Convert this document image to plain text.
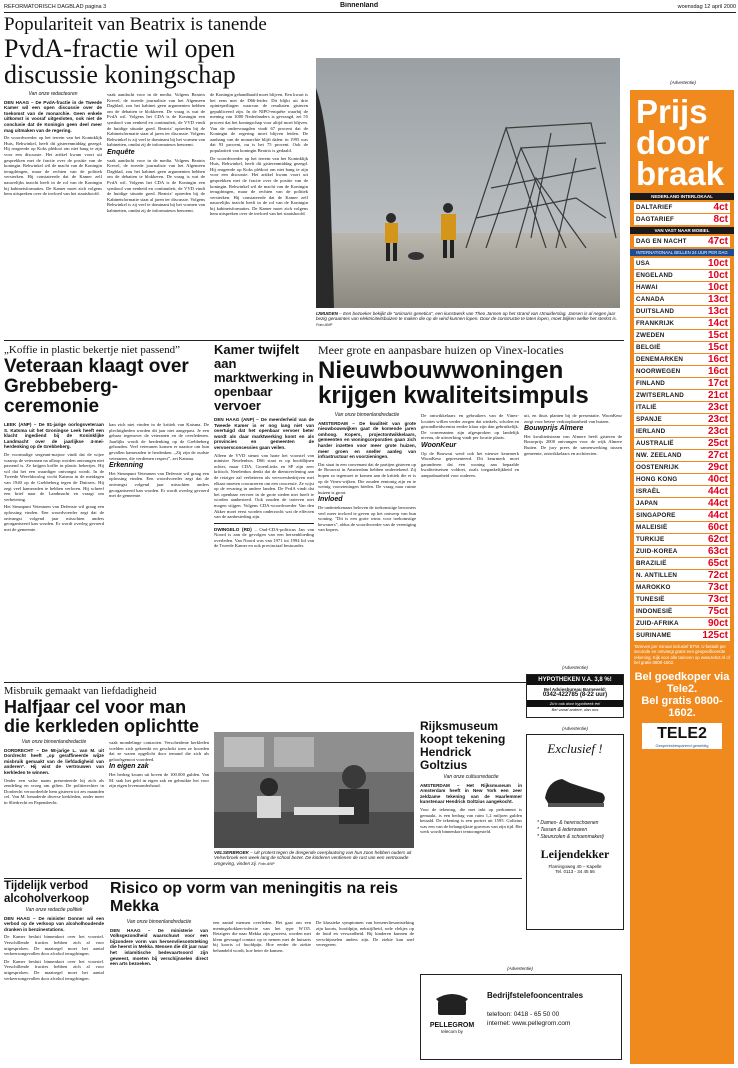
REFORMATORISCH DAGBLAD pagina 3	Binnenland	woensdag 12 april 2000
Populariteit van Beatrix is tanende
PvdA-fractie wil open discussie koningschap
Van onze redacteuren

DEN HAAG – De PvdA-fractie in de Tweede Kamer wil een open discussie over de toekomst van de monarchie. Geen enkele uitkomst is vooraf uitgesloten, ook niet de conclusie dat de Koningin geen deel meer mag uitmaken van de regering.

De woordvoerder op het terrein van het Koninklijk Huis, Rehwinkel, heeft dit gisterenmiddag gezegd. Hij reageerde op Koks plédooi om niet bang te zijn voor een discussie. Het artikel kwam voort uit gesprekken met de fractie over de positie van de koningin. Rehwinkel wil de macht van de Koningin terugdringen, maar de rechten van de politiek versterken. Hij constateerde dat de Kamer zelf nauwelijks inzicht heeft in de rol van de Koningin bij kabinetsformaties. De Kamer moet zich volgens hem uitspreken over de invloed van het staatshoofd.

vaak aandacht voor in de media. Volgens Beatrix Krevel, de tweede journaliste van het Algemeen Dagblad, zou het kabinet geen argumenten hebben om de debatten te blokkeren. De vraag is wat de PvdA wil. Volgens het CDA is de Koningin een symbool van eenheid en continuïteit, de VVD vindt de huidige situatie goed. Beatrix' optreden bij de Kabinetsformatie staat al jaren ter discussie. Volgens Rehwinkel is zij veel te dominant bij het vormen van kabinetten, omdat zij de informateurs benoemt.

Enquête

vaak aandacht voor in de media. Volgens Beatrix Krevel, de tweede journaliste van het Algemeen Dagblad, zou het kabinet geen argumenten hebben om de debatten te blokkeren. De vraag is wat de PvdA wil. Volgens het CDA is de Koningin een symbool van eenheid en continuïteit, de VVD vindt de huidige situatie goed. Beatrix' optreden bij de Kabinetsformatie staat al jaren ter discussie. Volgens Rehwinkel is zij veel te dominant bij het vormen van kabinetten, omdat zij de informateurs benoemt.

de Koningin gehandhaafd moet blijven. Een kwart is het eens met de D66-leider. Dit blijkt uit drie opiniepeilingen waarvan de resultaten gisteren gepubliceerd zijn. In de NIPO-enquête waarbij de mening van 1000 Nederlanders is gevraagd, zei 55 procent dat het koningschap voor altijd moet blijven. Van de ondervraagden vindt 67 procent dat de Koningin de regering moet blijven leiden. De aanhang van de monarchie blijft dalen: in 1995 was dat 93 procent, nu is het 75 procent. Ook de populariteit van koningin Beatrix is gedaald.

De woordvoerder op het terrein van het Koninklijk Huis, Rehwinkel, heeft dit gisterenmiddag gezegd. Hij reageerde op Koks plédooi om niet bang te zijn voor een discussie. Het artikel kwam voort uit gesprekken met de fractie over de positie van de koningin. Rehwinkel wil de macht van de Koningin terugdringen, maar de rechten van de politiek versterken. Hij constateerde dat de Kamer zelf nauwelijks inzicht heeft in de rol van de Koningin bij kabinetsformaties. De Kamer moet zich volgens hem uitspreken over de invloed van het staatshoofd.

IJMUIDEN – Een bezoeker bekijkt de "animaris genetica", een kunstwerk van Theo Jansen op het strand van IJmuiderslag. Jansen is al negen jaar bezig geraamtes van elektriciteitsbuizen te maken die op de wind kunnen lopen. Door de constructie te laten lopen, moet blijken welke het sterkst is. Foto ANP
„Koffie in plastic bekertje niet passend”
Veteraan klaagt over Grebbeberg-ceremonie

LEEK (ANP) – De 81-jarige oorlogsveteraan S. Katsma uit het Groningse Leek heeft een klacht ingediend bij de Koninklijke Landmacht over de jaarlijkse 4-mei-herdenking op de Grebbeberg.

De voormalige sergeant-majoor vindt dat de wijze waarop de veteranen na afloop worden ontvangen niet passend is. Ze krijgen koffie in plastic bekertjes. Hij wil dat het een waardiger ontvangst wordt. In de Tweede Wereldoorlog vocht Katsma in de meidagen van 1940 op de Grebbeberg tegen de Duitsers. Hij zegt veel kameraden te hebben verloren. Hij schreef een brief naar de Landmacht en vraagt om verbetering.

Het Steunpunt Veteranen van Defensie wil graag een oplossing vinden. Een woordvoerder zegt dat de ontvangst volgend jaar misschien anders georganiseerd kan worden. Er wordt overleg gevoerd met de gemeente.

kan zich niet vinden in de kritiek van Katsma. De plechtigheden worden dit jaar niet aangepast. Je een gebaar tegenover de veteranen en de overledenen. Jaarlijks wordt de herdenking op de Grebbeberg gehouden. Veel veteranen komen er naartoe om hun gevallen kameraden te herdenken. „Zij zijn de oudste veteranen, die verdienen respect”, zei Katsma.

Erkenning

Het Steunpunt Veteranen van Defensie wil graag een oplossing vinden. Een woordvoerder zegt dat de ontvangst volgend jaar misschien anders georganiseerd kan worden. Er wordt overleg gevoerd met de gemeente.

Kamer twijfelt aan marktwerking in openbaar vervoer

DEN HAAG (ANP) – De meerderheid van de Tweede Kamer is er nog lang niet van overtuigd dat het openbaar vervoer beter wordt als daar marktwerking komt en als provincies en gemeenten de vervoersconcessies gaan veilen.

Alleen de VVD steunt van harte het voorstel van minister Netelenbos. D66 staat er op hoofdlijnen achter, maar CDA, GroenLinks en SP zijn zeer kritisch. Netelenbos denkt dat de dienstverlening aan de reiziger zal verbeteren als vervoersbedrijven met elkaar moeten concurreren om een concessie. Ze wijst op de ervaring in andere landen. De PvdA vindt dat het openbaar vervoer in de grote steden niet hoeft te worden aanbesteed. Ook zouden de tarieven niet mogen stijgen. Volgens CDA-woordvoerder Van den Akker moet eerst worden onderzocht wat de effecten van de aanbesteding zijn.

DWINGELO (RD) – Oud-CDA-politicus Jan van Noord is aan de gevolgen van een hersenbloeding overleden. Van Noord was van 1971 tot 1994 lid van de Tweede Kamer en ook provinciaal bestuurder.

Meer grote en aanpasbare huizen op Vinex-locaties
Nieuwbouwwoningen krijgen kwaliteitsimpuls
Van onze binnenlandredactie

AMSTERDAM – De kwaliteit van grote nieuwbouwwijken gaat de komende jaren omhoog. Kopers, projectontwikkelaars, gemeenten en woningcorporaties gaan zich harder inzetten voor meer grote huizen, meer groen en sneller aanleg van infrastructuur en voorzieningen.

Dat staat in een convenant dat de partijen gisteren op de Bouwrai in Amsterdam hebben ondertekend. Zij hopen zo tegemoet te komen aan de kritiek die er is op de Vinex-wijken. Die zouden eentonig zijn en te weinig voorzieningen bieden. De vraag naar ruime huizen is groot.

Invloed

De ondertekenaars beloven de toekomstige bewoners veel meer invloed te geven op het ontwerp van hun woning. "Dit is een grote winst voor toekomstige bewoners", aldus de woordvoerder van de vereniging van kopers.

De ontwikkelaars en gebruikers van de Vinex-locaties willen verder zorgen dat winkels, scholen en gezondheidscentra eerder klaar zijn dan gebruikelijk. De convenanten zijn afgesproken op landelijk niveau, de uitwerking vindt per locatie plaats.

WoonKeur

Op de Bouwrai werd ook het nieuwe keurmerk WoonKeur gepresenteerd. Dit keurmerk moet garanderen dat een woning aan bepaalde kwaliteitseisen voldoet, zoals toegankelijkheid en aanpasbaarheid voor ouderen.

uit, en thuis planten bij de presentatie. WoonKeur zorgt voor betere verkoopbaarheid van huizen.

Bouwprijs Almere

Het kwaliteitsteam van Almere heeft gisteren de Bouwprijs 2000 ontvangen voor de wijk Almere Buiten. De jury prees de samenwerking tussen gemeente, ontwikkelaars en architecten.

Misbruik gemaakt van liefdadigheid
Halfjaar cel voor man die kerkleden oplichtte
Van onze binnenlandredactie

DORDRECHT – De 58-jarige L. van M. uit Dordrecht heeft „op geraffineerde wijze misbruik gemaakt van de liefdadigheid van anderen”. Hij wist de vertrouwen van kerkleden te winnen.

Onder een valse naam presenteerde hij zich als zendeling en vroeg om giften. De politierechter in Dordrecht veroordeelde hem gisteren tot zes maanden cel. Van M. benaderde diverse kerkleden, onder meer in Sliedrecht en Papendrecht.

vaak mondelinge contacten. Verscheidene kerkleden voelden zich gekrenkt en geschokt toen ze hoorden dat ze waren opgelicht door iemand die zich als geloofsgenoot voordeed.

In eigen zak

Het bedrag kwam uit boven de 100.000 gulden. Van M. stak het geld in eigen zak en gebruikte het voor zijn eigen levensonderhoud.

VELSERBROEK – Uit protest tegen de dreigende overplaatsing van hun zoon hebben ouders uit Velserbroek een week lang de school bezet. De kinderen verdienen de rust van een vertrouwde omgeving, vinden zij. Foto ANP
Rijksmuseum koopt tekening Hendrick Goltzius
Van onze cultuurredactie

AMSTERDAM – Het Rijksmuseum in Amsterdam heeft in New York een zeer zeldzame tekening van de Haarlemmer kunstenaar Hendrick Goltzius aangekocht.

Voor de tekening, die met inkt op perkament is gemaakt, is een bedrag van ruim 1,2 miljoen gulden betaald. De tekening is een portret uit 1595. Goltzius was een van de belangrijkste graveurs van zijn tijd. Het werk wordt binnenkort tentoongesteld.

(Advertentie)
Exclusief !
* Dames- & herenschoenen
* Tassen & lederwaren
* Steunzolen & schoenmakerij
Leijendekker
Flamingoweg 40 – Kapelle
Tel. 0113 - 34 45 56
Tijdelijk verbod alcoholverkoop
Van onze redactie politiek

DEN HAAG – De minister Donner wil een verbod op de verkoop van alcoholhoudende dranken in benzinestations.

De Kamer besluit binnenkort over het voorstel. Verschillende fracties hebben zich al voor uitgesproken. De maatregel moet het aantal verkeersongevallen door alcohol terugdringen.

De Kamer besluit binnenkort over het voorstel. Verschillende fracties hebben zich al voor uitgesproken. De maatregel moet het aantal verkeersongevallen door alcohol terugdringen.

Risico op vorm van meningitis na reis Mekka
Van onze binnenlandredactie

DEN HAAG – De ministerie van Volksgezondheid waarschuwt voor een bijzondere vorm van hersenvliesontsteking die heerst in Mekka. Mensen die dit jaar naar het islamitische bedevaartsoord zijn geweest, moeten bij verschijnselen direct een arts bezoeken.

een aantal mensen overleden. Het gaat om een meningokokken-infectie van het type W135. Reizigers die naar Mekka zijn geweest, worden met klem gevraagd contact op te nemen met de huisarts bij koorts of hoofdpijn. Hoe eerder de ziekte behandeld wordt, hoe beter de kansen.

De klassieke symptomen van hersenvliesontsteking zijn koorts, hoofdpijn, nekstijfheid, rode vlekjes op de huid en verwardheid. Bij kinderen kunnen de verschijnselen anders zijn. De ziekte kan snel verergeren.

(Advertentie)
PELLEGROM
telecom by
Bedrijfstelefooncentrales
telefoon: 0418 - 65 50 00
internet: www.pellegrom.com
(Advertentie)
HYPOTHEKEN V.A. 3,8 %!
Bel Adviesbureau Barneveld:
0342-422785 (8-22 uur)
Zo'n ook door hypotheek én!
Bel vanaf andere, dan ons
(Advertentie)
Prijs door braak
NEDERLAND INTERLOKAAL
DALTARIEF	4ct
DAGTARIEF	8ct
VAN VAST NAAR MOBIEL
DAG EN NACHT 47ct
INTERNATIONAAL BELLEN 24 UUR PER DAG
USA	10ct
ENGELAND	10ct
HAWAI	10ct
CANADA	13ct
DUITSLAND	13ct
FRANKRIJK	14ct
ZWEDEN	15ct
BELGIË	15ct
DENEMARKEN 16ct
NOORWEGEN	16ct
FINLAND	17ct
ZWITSERLAND 21ct
ITALIË	23ct
SPANJE	23ct
IERLAND	23ct
AUSTRALIË	25ct
NW. ZEELAND	27ct
OOSTENRIJK	29ct
HONG KONG	40ct
ISRAËL	44ct
JAPAN	44ct
SINGAPORE	44ct
MALEISIË	60ct
TURKIJE	62ct
ZUID-KOREA	63ct
BRAZILIË	65ct
N. ANTILLEN	72ct
MAROKKO	73ct
TUNESIË	73ct
INDONESIË	75ct
ZUID-AFRIKA	90ct
SURINAME	125ct
Tarieven per minuut inclusief BTW. U betaalt per seconde en ontvangt gratis een gespecificeerde rekening. Kijk voor alle tarieven op www.tele2.nl of bel gratis 0800-1602.
Bel goedkoper via Tele2.
Bel gratis 0800-1602.
TELE2
Gespreksbesparend geweldig
